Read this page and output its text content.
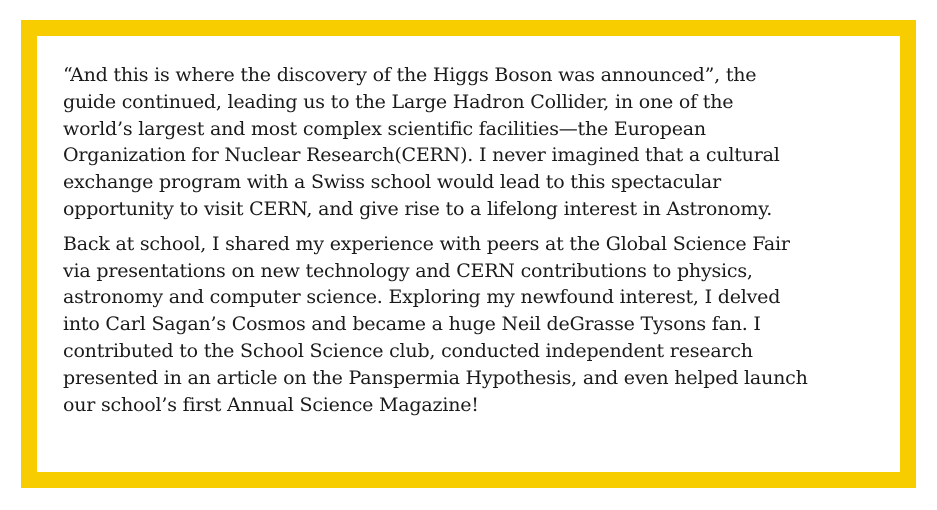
“And this is where the discovery of the Higgs Boson was announced”, the
guide continued, leading us to the Large Hadron Collider, in one of the
world’s largest and most complex scientific facilities—the European
Organization for Nuclear Research(CERN). I never imagined that a cultural
exchange program with a Swiss school would lead to this spectacular
opportunity to visit CERN, and give rise to a lifelong interest in Astronomy.

Back at school, I shared my experience with peers at the Global Science Fair
via presentations on new technology and CERN contributions to physics,
astronomy and computer science. Exploring my newfound interest, I delved
into Carl Sagan’s Cosmos and became a huge Neil deGrasse Tysons fan. I
contributed to the School Science club, conducted independent research
presented in an article on the Panspermia Hypothesis, and even helped launch
our school’s first Annual Science Magazine!
